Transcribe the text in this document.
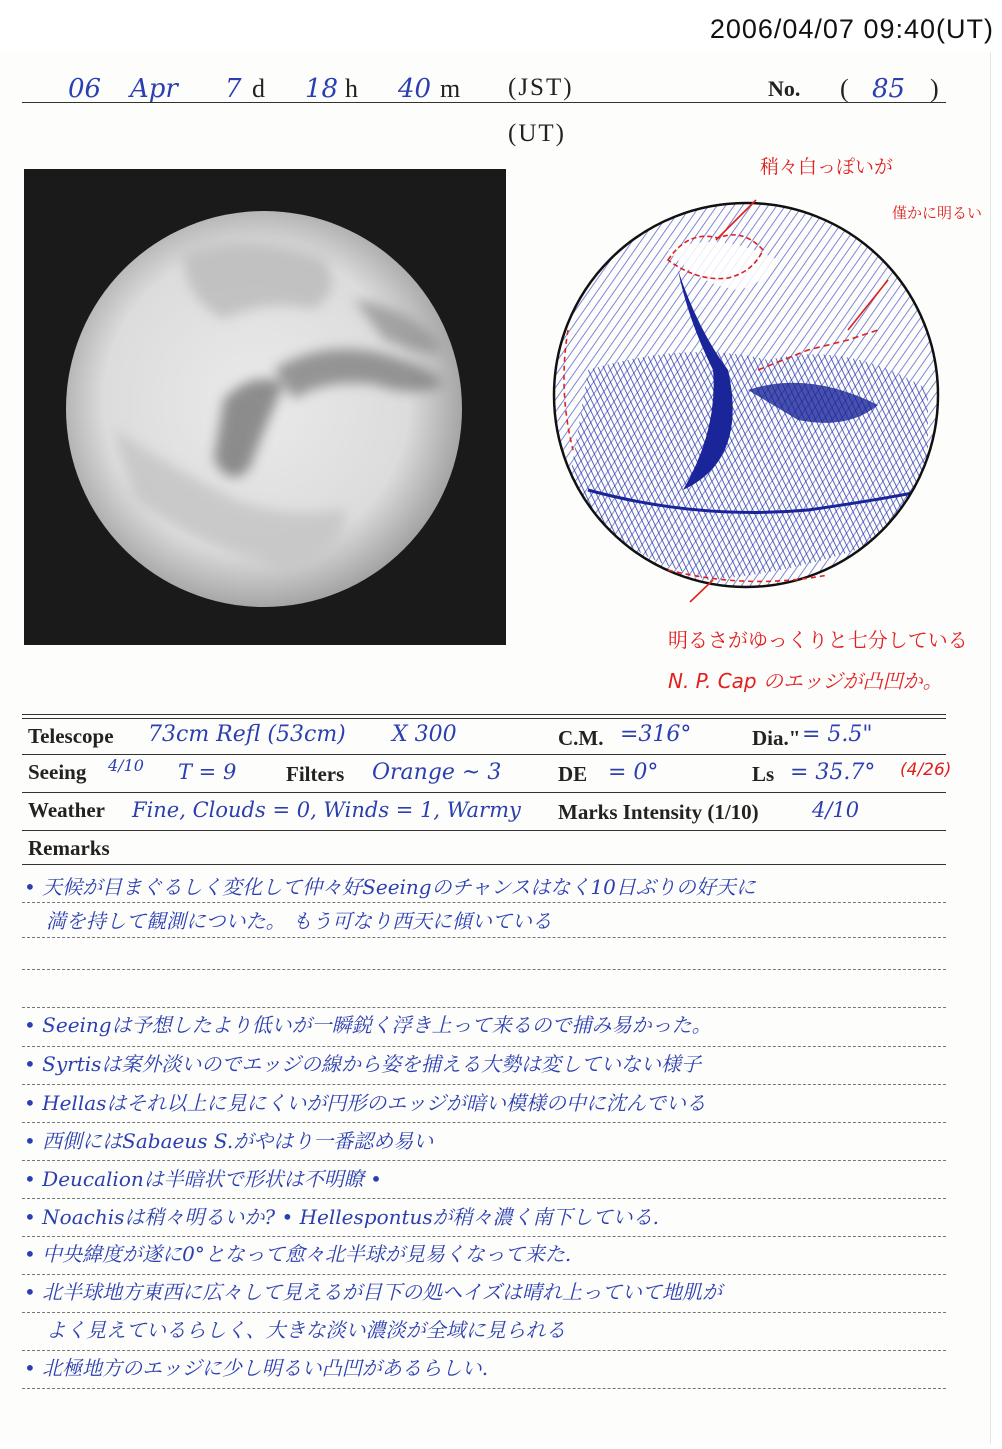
2006/04/07 09:40(UT)
06 Apr 7 d 18 h 40 m (JST)	No. ( 85 )
(UT)
稍々白っぽいが
僅かに明るい
明るさがゆっくりと七分している
N. P. Cap のエッジが凸凹か。
Telescope 73cm Refl (53cm) X 300	C.M. =316°	Dia." = 5.5"
Seeing 4/10 T = 9 Filters Orange ~ 3	DE = 0°	Ls = 35.7° (4/26)
Weather Fine, Clouds = 0, Winds = 1, Warmy Marks Intensity (1/10)	4/10
Remarks
• 天候が目まぐるしく変化して仲々好Seeingのチャンスはなく10日ぶりの好天に
満を持して観測についた。 もう可なり西天に傾いている
• Seeingは予想したより低いが一瞬鋭く浮き上って来るので捕み易かった。
• Syrtisは案外淡いのでエッジの線から姿を捕える大勢は変していない様子
• Hellasはそれ以上に見にくいが円形のエッジが暗い模様の中に沈んでいる
• 西側にはSabaeus S.がやはり一番認め易い
• Deucalionは半暗状で形状は不明瞭 •
• Noachisは稍々明るいか? • Hellespontusが稍々濃く南下している.
• 中央緯度が遂に0°となって愈々北半球が見易くなって来た.
• 北半球地方東西に広々して見えるが目下の処ヘイズは晴れ上っていて地肌が
よく見えているらしく、大きな淡い濃淡が全域に見られる
• 北極地方のエッジに少し明るい凸凹があるらしい.
